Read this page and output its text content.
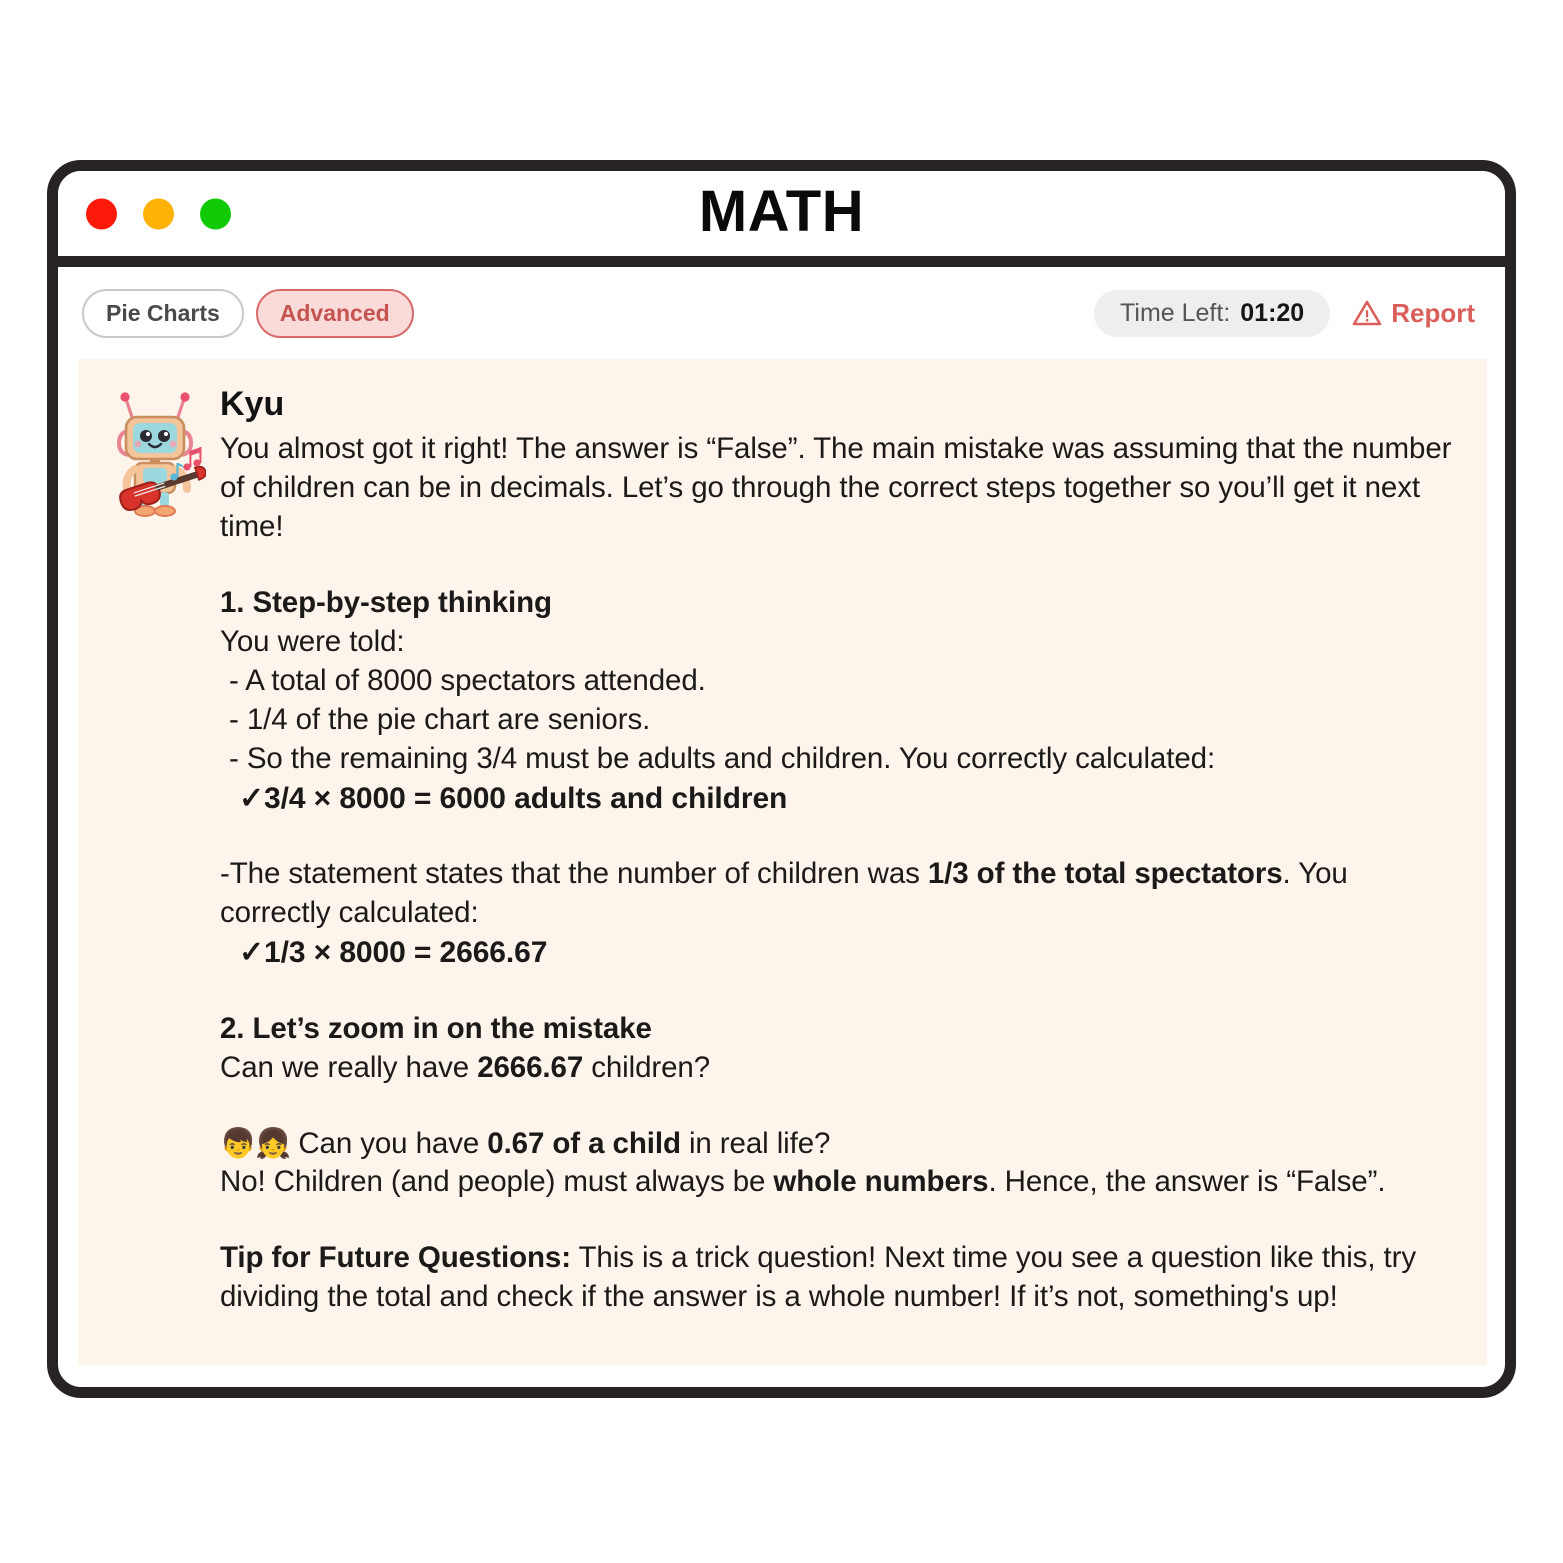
MATH
Pie Charts	Advanced	Time Left: 01:20	Report
Kyu

You almost got it right! The answer is “False”. The main mistake was assuming that the number of children can be in decimals. Let’s go through the correct steps together so you’ll get it next time!

1. Step-by-step thinking

You were told:

- A total of 8000 spectators attended.

- 1/4 of the pie chart are seniors.

- So the remaining 3/4 must be adults and children. You correctly calculated:

✓3/4 × 8000 = 6000 adults and children

-The statement states that the number of children was 1/3 of the total spectators. You correctly calculated:

✓1/3 × 8000 = 2666.67

2. Let’s zoom in on the mistake

Can we really have 2666.67 children?

👦👧 Can you have 0.67 of a child in real life?

No! Children (and people) must always be whole numbers. Hence, the answer is “False”.

Tip for Future Questions: This is a trick question! Next time you see a question like this, try dividing the total and check if the answer is a whole number! If it’s not, something's up!
